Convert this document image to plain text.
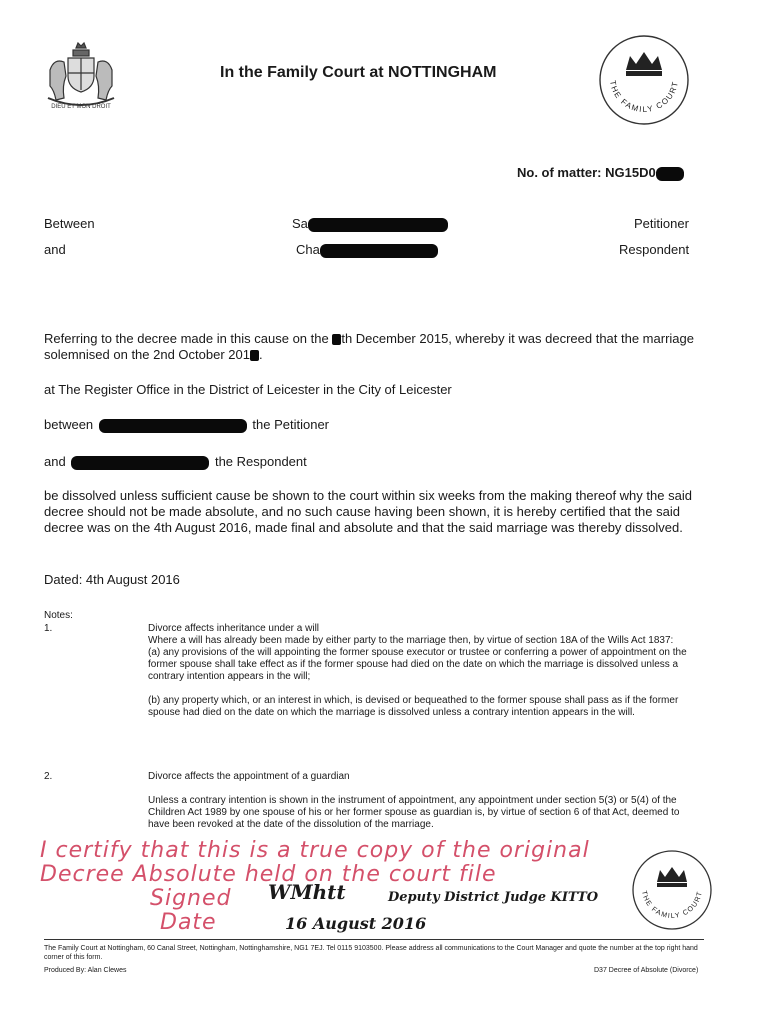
DIEU ET MON DROIT
In the Family Court at NOTTINGHAM
THE FAMILY COURT
No. of matter: NG15D0
Between	Sa	Petitioner
and	Cha	Respondent
Referring to the decree made in this cause on the th December 2015, whereby it was decreed that the marriage
solemnised on the 2nd October 201 .
at The Register Office in the District of Leicester in the City of Leicester
between	the Petitioner
and	the Respondent
be dissolved unless sufficient cause be shown to the court within six weeks from the making thereof why the said decree should not be made absolute, and no such cause having been shown, it is hereby certified that the said decree was on the 4th August 2016, made final and absolute and that the said marriage was thereby dissolved.
Dated: 4th August 2016
Notes:
1.	Divorce affects inheritance under a will
Where a will has already been made by either party to the marriage then, by virtue of section 18A of the Wills Act 1837:
(a) any provisions of the will appointing the former spouse executor or trustee or conferring a power of appointment on the former spouse shall take effect as if the former spouse had died on the date on which the marriage is dissolved unless a contrary intention appears in the will;
(b) any property which, or an interest in which, is devised or bequeathed to the former spouse shall pass as if the former spouse had died on the date on which the marriage is dissolved unless a contrary intention appears in the will.
2.	Divorce affects the appointment of a guardian
Unless a contrary intention is shown in the instrument of appointment, any appointment under section 5(3) or 5(4) of the Children Act 1989 by one spouse of his or her former spouse as guardian is, by virtue of section 6 of that Act, deemed to have been revoked at the date of the dissolution of the marriage.
I certify that this is a true copy of the original
Decree Absolute held on the court file
Signed WMhtt	Deputy District Judge KITTO
Date	16 August 2016
THE FAMILY COURT
The Family Court at Nottingham, 60 Canal Street, Nottingham, Nottinghamshire, NG1 7EJ. Tel 0115 9103500. Please address all communications to the Court Manager and quote the number at the top right hand corner of this form.
Produced By: Alan Clewes	D37 Decree of Absolute (Divorce)
